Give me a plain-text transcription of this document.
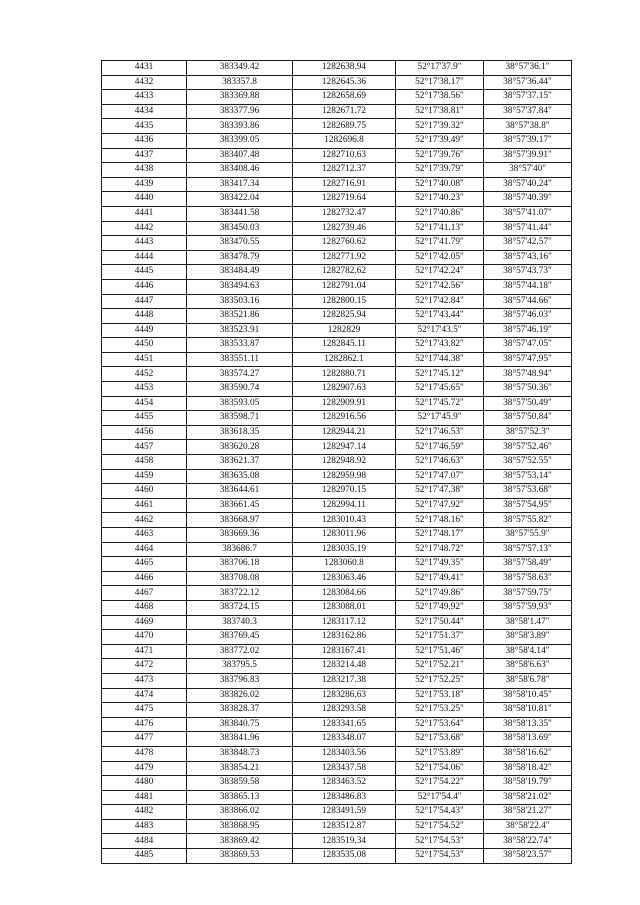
4431	383349.42	1282638.94	52°17'37.9"	38°57'36.1"
4432	383357.8	1282645.36	52°17'38.17"	38°57'36.44"
4433	383369.88	1282658.69	52°17'38.56"	38°57'37.15"
4434	383377.96	1282671.72	52°17'38.81"	38°57'37.84"
4435	383393.86	1282689.75	52°17'39.32"	38°57'38.8"
4436	383399.05	1282696.8	52°17'39.49"	38°57'39.17"
4437	383407.48	1282710.63	52°17'39.76"	38°57'39.91"
4438	383408.46	1282712.37	52°17'39.79"	38°57'40"
4439	383417.34	1282716.91	52°17'40.08"	38°57'40.24"
4440	383422.04	1282719.64	52°17'40.23"	38°57'40.39"
4441	383441.58	1282732.47	52°17'40.86"	38°57'41.07"
4442	383450.03	1282739.46	52°17'41.13"	38°57'41.44"
4443	383470.55	1282760.62	52°17'41.79"	38°57'42.57"
4444	383478.79	1282771.92	52°17'42.05"	38°57'43.16"
4445	383484.49	1282782.62	52°17'42.24"	38°57'43.73"
4446	383494.63	1282791.04	52°17'42.56"	38°57'44.18"
4447	383503.16	1282800.15	52°17'42.84"	38°57'44.66"
4448	383521.86	1282825.94	52°17'43.44"	38°57'46.03"
4449	383523.91	1282829	52°17'43.5"	38°57'46.19"
4450	383533.87	1282845.11	52°17'43.82"	38°57'47.05"
4451	383551.11	1282862.1	52°17'44.38"	38°57'47.95"
4452	383574.27	1282880.71	52°17'45.12"	38°57'48.94"
4453	383590.74	1282907.63	52°17'45.65"	38°57'50.36"
4454	383593.05	1282909.91	52°17'45.72"	38°57'50.49"
4455	383598.71	1282916.56	52°17'45.9"	38°57'50.84"
4456	383618.35	1282944.21	52°17'46.53"	38°57'52.3"
4457	383620.28	1282947.14	52°17'46.59"	38°57'52.46"
4458	383621.37	1282948.92	52°17'46.63"	38°57'52.55"
4459	383635.08	1282959.98	52°17'47.07"	38°57'53.14"
4460	383644.61	1282970.15	52°17'47.38"	38°57'53.68"
4461	383661.45	1282994.11	52°17'47.92"	38°57'54.95"
4462	383668.97	1283010.43	52°17'48.16"	38°57'55.82"
4463	383669.36	1283011.96	52°17'48.17"	38°57'55.9"
4464	383686.7	1283035.19	52°17'48.72"	38°57'57.13"
4465	383706.18	1283060.8	52°17'49.35"	38°57'58.49"
4466	383708.08	1283063.46	52°17'49.41"	38°57'58.63"
4467	383722.12	1283084.66	52°17'49.86"	38°57'59.75"
4468	383724.15	1283088.01	52°17'49.92"	38°57'59.93"
4469	383740.3	1283117.12	52°17'50.44"	38°58'1.47"
4470	383769.45	1283162.86	52°17'51.37"	38°58'3.89"
4471	383772.02	1283167.41	52°17'51.46"	38°58'4.14"
4472	383795.5	1283214.48	52°17'52.21"	38°58'6.63"
4473	383796.83	1283217.38	52°17'52.25"	38°58'6.78"
4474	383826.02	1283286.63	52°17'53.18"	38°58'10.45"
4475	383828.37	1283293.58	52°17'53.25"	38°58'10.81"
4476	383840.75	1283341.65	52°17'53.64"	38°58'13.35"
4477	383841.96	1283348.07	52°17'53.68"	38°58'13.69"
4478	383848.73	1283403.56	52°17'53.89"	38°58'16.62"
4479	383854.21	1283437.58	52°17'54.06"	38°58'18.42"
4480	383859.58	1283463.52	52°17'54.22"	38°58'19.79"
4481	383865.13	1283486.83	52°17'54.4"	38°58'21.02"
4482	383866.02	1283491.59	52°17'54.43"	38°58'21.27"
4483	383868.95	1283512.87	52°17'54.52"	38°58'22.4"
4484	383869.42	1283519.34	52°17'54.53"	38°58'22.74"
4485	383869.53	1283535.08	52°17'54.53"	38°58'23.57"
